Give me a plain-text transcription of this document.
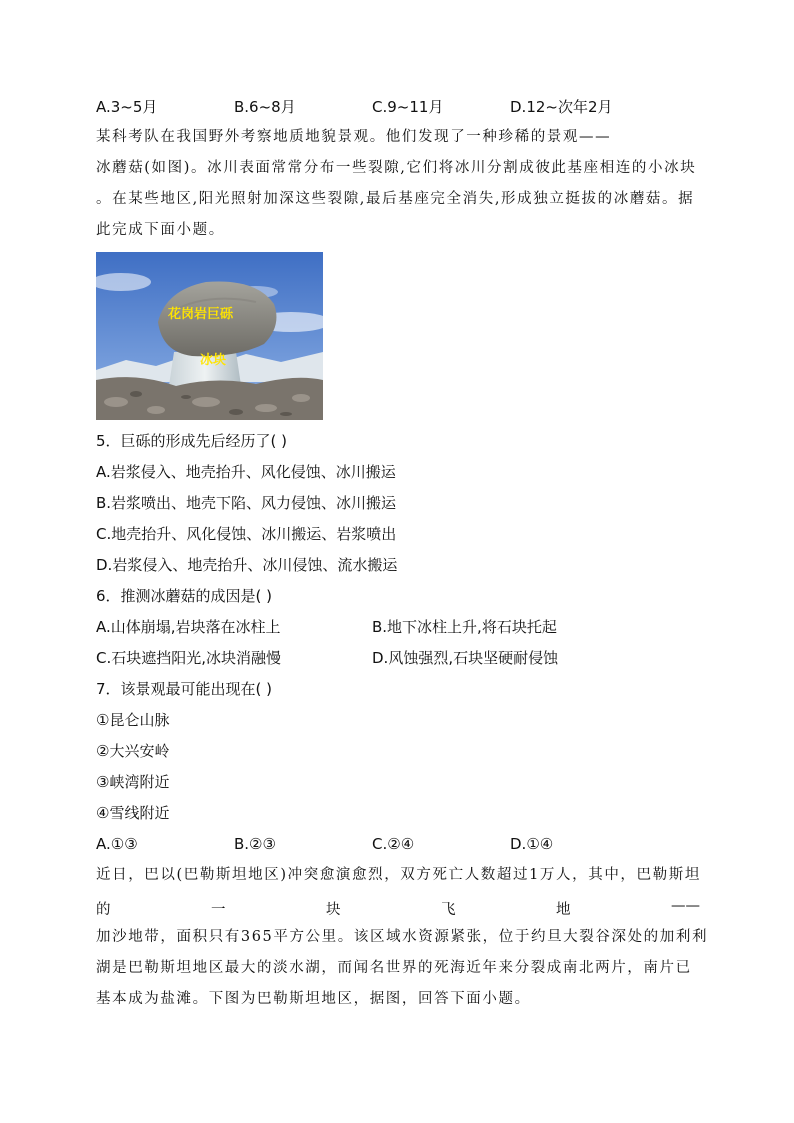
A.3~5月	B.6~8月	C.9~11月	D.12~次年2月
某科考队在我国野外考察地质地貌景观。他们发现了一种珍稀的景观——
冰蘑菇(如图)。冰川表面常常分布一些裂隙,它们将冰川分割成彼此基座相连的小冰块
。在某些地区,阳光照射加深这些裂隙,最后基座完全消失,形成独立挺拔的冰蘑菇。据
此完成下面小题。
花岗岩巨砾
冰块
5．巨砾的形成先后经历了( )
A.岩浆侵入、地壳抬升、风化侵蚀、冰川搬运
B.岩浆喷出、地壳下陷、风力侵蚀、冰川搬运
C.地壳抬升、风化侵蚀、冰川搬运、岩浆喷出
D.岩浆侵入、地壳抬升、冰川侵蚀、流水搬运
6．推测冰蘑菇的成因是( )
A.山体崩塌,岩块落在冰柱上	B.地下冰柱上升,将石块托起
C.石块遮挡阳光,冰块消融慢	D.风蚀强烈,石块坚硬耐侵蚀
7．该景观最可能出现在( )
①昆仑山脉
②大兴安岭
③峡湾附近
④雪线附近
A.①③	B.②③	C.②④	D.①④
近日，巴以(巴勒斯坦地区)冲突愈演愈烈，双方死亡人数超过1万人，其中，巴勒斯坦
的	一	块	飞	地	——
加沙地带，面积只有365平方公里。该区域水资源紧张，位于约旦大裂谷深处的加利利
湖是巴勒斯坦地区最大的淡水湖，而闻名世界的死海近年来分裂成南北两片，南片已
基本成为盐滩。下图为巴勒斯坦地区，据图，回答下面小题。
